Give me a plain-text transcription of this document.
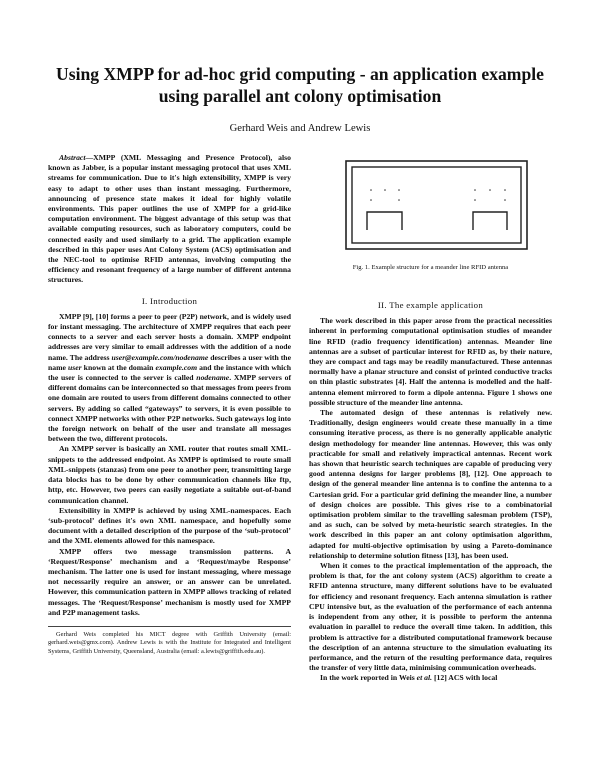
Using XMPP for ad-hoc grid computing - an application example
using parallel ant colony optimisation
Gerhard Weis and Andrew Lewis

Abstract—XMPP (XML Messaging and Presence Protocol), also known as Jabber, is a popular instant messaging protocol that uses XML streams for communication. Due to it's high extensibility, XMPP is very easy to adapt to other uses than instant messaging. Furthermore, announcing of presence state makes it ideal for highly volatile environments. This paper outlines the use of XMPP for a grid-like computation environment. The biggest advantage of this setup was that available computing resources, such as laboratory computers, could be connected easily and used similarly to a grid. The application example described in this paper uses Ant Colony System (ACS) optimisation and the NEC-tool to optimise RFID antennas, involving computing the efficiency and resonant frequency of a large number of different antenna structures.

I. Introduction

XMPP [9], [10] forms a peer to peer (P2P) network, and is widely used for instant messaging. The architecture of XMPP requires that each peer connects to a server and each server hosts a domain. XMPP endpoint addresses are very similar to email addresses with the addition of a node name. The address user@example.com/nodename describes a user with the name user known at the domain example.com and the instance with which the user is connected to the server is called nodename. XMPP servers of different domains can be interconnected so that messages from peers from one domain are routed to users from different domains connected to other servers. By adding so called “gateways” to servers, it is even possible to connect XMPP networks with other P2P networks. Such gateways log into the foreign network on behalf of the user and translate all messages between the two, different protocols.

An XMPP server is basically an XML router that routes small XML-snippets to the addressed endpoint. As XMPP is optimised to route small XML-snippets (stanzas) from one peer to another peer, transmitting large data blocks has to be done by other communication channels like ftp, http, etc. However, two peers can easily negotiate a suitable out-of-band communication channel.

Extensibility in XMPP is achieved by using XML-namespaces. Each ‘sub-protocol’ defines it's own XML namespace, and hopefully some document with a detailed description of the purpose of the ‘sub-protocol’ and the XML elements allowed for this namespace.

XMPP offers two message transmission patterns. A ‘Request/Response’ mechanism and a ‘Request/maybe Response’ mechanism. The latter one is used for instant messaging, where message not necessarily require an answer, or an answer can be unrelated. However, this communication pattern in XMPP allows tracking of related messages. The ‘Request/Response’ mechanism is mostly used for XMPP and P2P management tasks.

Gerhard Weis completed his MICT degree with Griffith University (email: gerhard.weis@gmx.com). Andrew Lewis is with the Institute for Integrated and Intelligent Systems, Griffith University, Queensland, Australia (email: a.lewis@griffith.edu.au).

Fig. 1. Example structure for a meander line RFID antenna
II. The example application

The work described in this paper arose from the practical necessities inherent in performing computational optimisation studies of meander line RFID (radio frequency identification) antennas. Meander line antennas are a subset of particular interest for RFID as, by their nature, they are compact and tags may be readily manufactured. These antennas normally have a planar structure and consist of printed conductive tracks on thin plastic substrates [4]. Half the antenna is modelled and the half-antenna element mirrored to form a dipole antenna. Figure 1 shows one possible structure of the meander line antenna.

The automated design of these antennas is relatively new. Traditionally, design engineers would create these manually in a time consuming iterative process, as there is no generally applicable analytic design methodology for meander line antennas. However, this was only practicable for small and relatively impractical antennas. Recent work has shown that heuristic search techniques are capable of producing very good antenna designs for larger problems [8], [12]. One approach to design of the general meander line antenna is to confine the antenna to a Cartesian grid. For a particular grid defining the meander line, a number of design choices are possible. This gives rise to a combinatorial optimisation problem similar to the travelling salesman problem (TSP), and as such, can be solved by meta-heuristic search strategies. In the work described in this paper an ant colony optimisation algorithm, adapted for multi-objective optimisation by using a Pareto-dominance relationship to determine solution fitness [13], has been used.

When it comes to the practical implementation of the approach, the problem is that, for the ant colony system (ACS) algorithm to create a RFID antenna structure, many different solutions have to be evaluated for efficiency and resonant frequency. Each antenna simulation is rather CPU intensive but, as the evaluation of the performance of each antenna is independent from any other, it is possible to perform the antenna evaluation in parallel to reduce the overall time taken. In addition, this problem is attractive for a distributed computational framework because the description of an antenna structure to the simulation evaluating its performance, and the return of the resulting performance data, requires the transfer of very little data, minimising communication overheads.

In the work reported in Weis et al. [12] ACS with local
